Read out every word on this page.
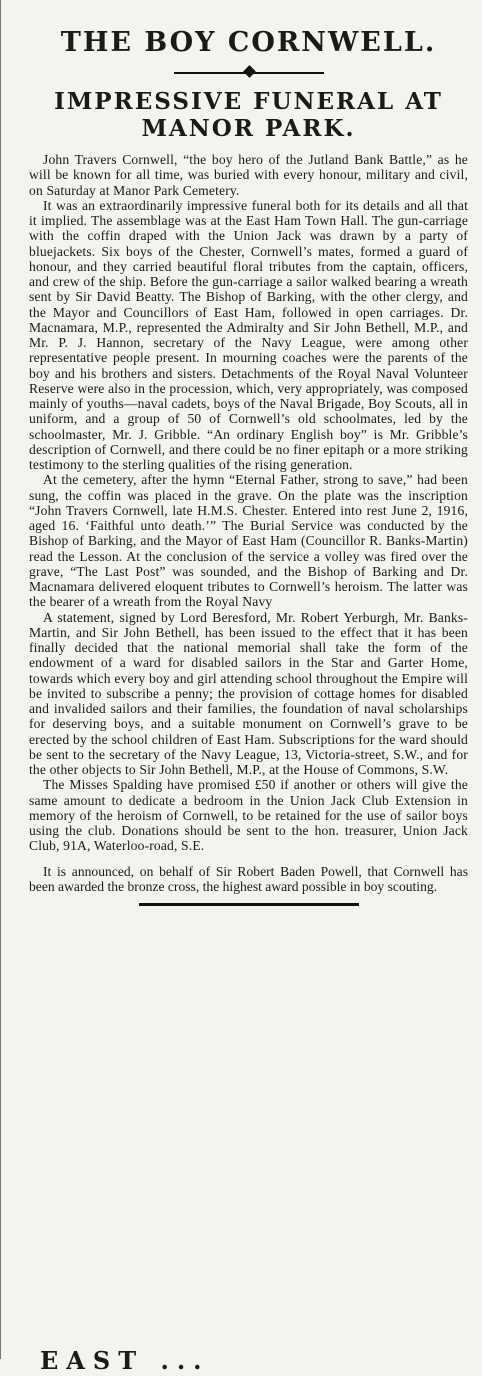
THE BOY CORNWELL.
IMPRESSIVE FUNERAL AT MANOR PARK.

John Travers Cornwell, “the boy hero of the Jutland Bank Battle,” as he will be known for all time, was buried with every honour, military and civil, on Saturday at Manor Park Cemetery.

It was an extraordinarily impressive funeral both for its details and all that it implied. The assemblage was at the East Ham Town Hall. The gun-carriage with the coffin draped with the Union Jack was drawn by a party of bluejackets. Six boys of the Chester, Cornwell’s mates, formed a guard of honour, and they carried beautiful floral tributes from the captain, officers, and crew of the ship. Before the gun-carriage a sailor walked bearing a wreath sent by Sir David Beatty. The Bishop of Barking, with the other clergy, and the Mayor and Councillors of East Ham, followed in open carriages. Dr. Macnamara, M.P., represented the Admiralty and Sir John Bethell, M.P., and Mr. P. J. Hannon, secretary of the Navy League, were among other representative people present. In mourning coaches were the parents of the boy and his brothers and sisters. Detachments of the Royal Naval Volunteer Reserve were also in the procession, which, very appropriately, was composed mainly of youths—naval cadets, boys of the Naval Brigade, Boy Scouts, all in uniform, and a group of 50 of Cornwell’s old schoolmates, led by the schoolmaster, Mr. J. Gribble. “An ordinary English boy” is Mr. Gribble’s description of Cornwell, and there could be no finer epitaph or a more striking testimony to the sterling qualities of the rising generation.

At the cemetery, after the hymn “Eternal Father, strong to save,” had been sung, the coffin was placed in the grave. On the plate was the inscription “John Travers Cornwell, late H.M.S. Chester. Entered into rest June 2, 1916, aged 16. ‘Faithful unto death.’” The Burial Service was conducted by the Bishop of Barking, and the Mayor of East Ham (Councillor R. Banks-Martin) read the Lesson. At the conclusion of the service a volley was fired over the grave, “The Last Post” was sounded, and the Bishop of Barking and Dr. Macnamara delivered eloquent tributes to Cornwell’s heroism. The latter was the bearer of a wreath from the Royal Navy

A statement, signed by Lord Beresford, Mr. Robert Yerburgh, Mr. Banks-Martin, and Sir John Bethell, has been issued to the effect that it has been finally decided that the national memorial shall take the form of the endowment of a ward for disabled sailors in the Star and Garter Home, towards which every boy and girl attending school throughout the Empire will be invited to subscribe a penny; the provision of cottage homes for disabled and invalided sailors and their families, the foundation of naval scholarships for deserving boys, and a suitable monument on Cornwell’s grave to be erected by the school children of East Ham. Subscriptions for the ward should be sent to the secretary of the Navy League, 13, Victoria-street, S.W., and for the other objects to Sir John Bethell, M.P., at the House of Commons, S.W.

The Misses Spalding have promised £50 if another or others will give the same amount to dedicate a bedroom in the Union Jack Club Extension in memory of the heroism of Cornwell, to be retained for the use of sailor boys using the club. Donations should be sent to the hon. treasurer, Union Jack Club, 91A, Waterloo-road, S.E.

It is announced, on behalf of Sir Robert Baden Powell, that Cornwell has been awarded the bronze cross, the highest award possible in boy scouting.
EAST ...
